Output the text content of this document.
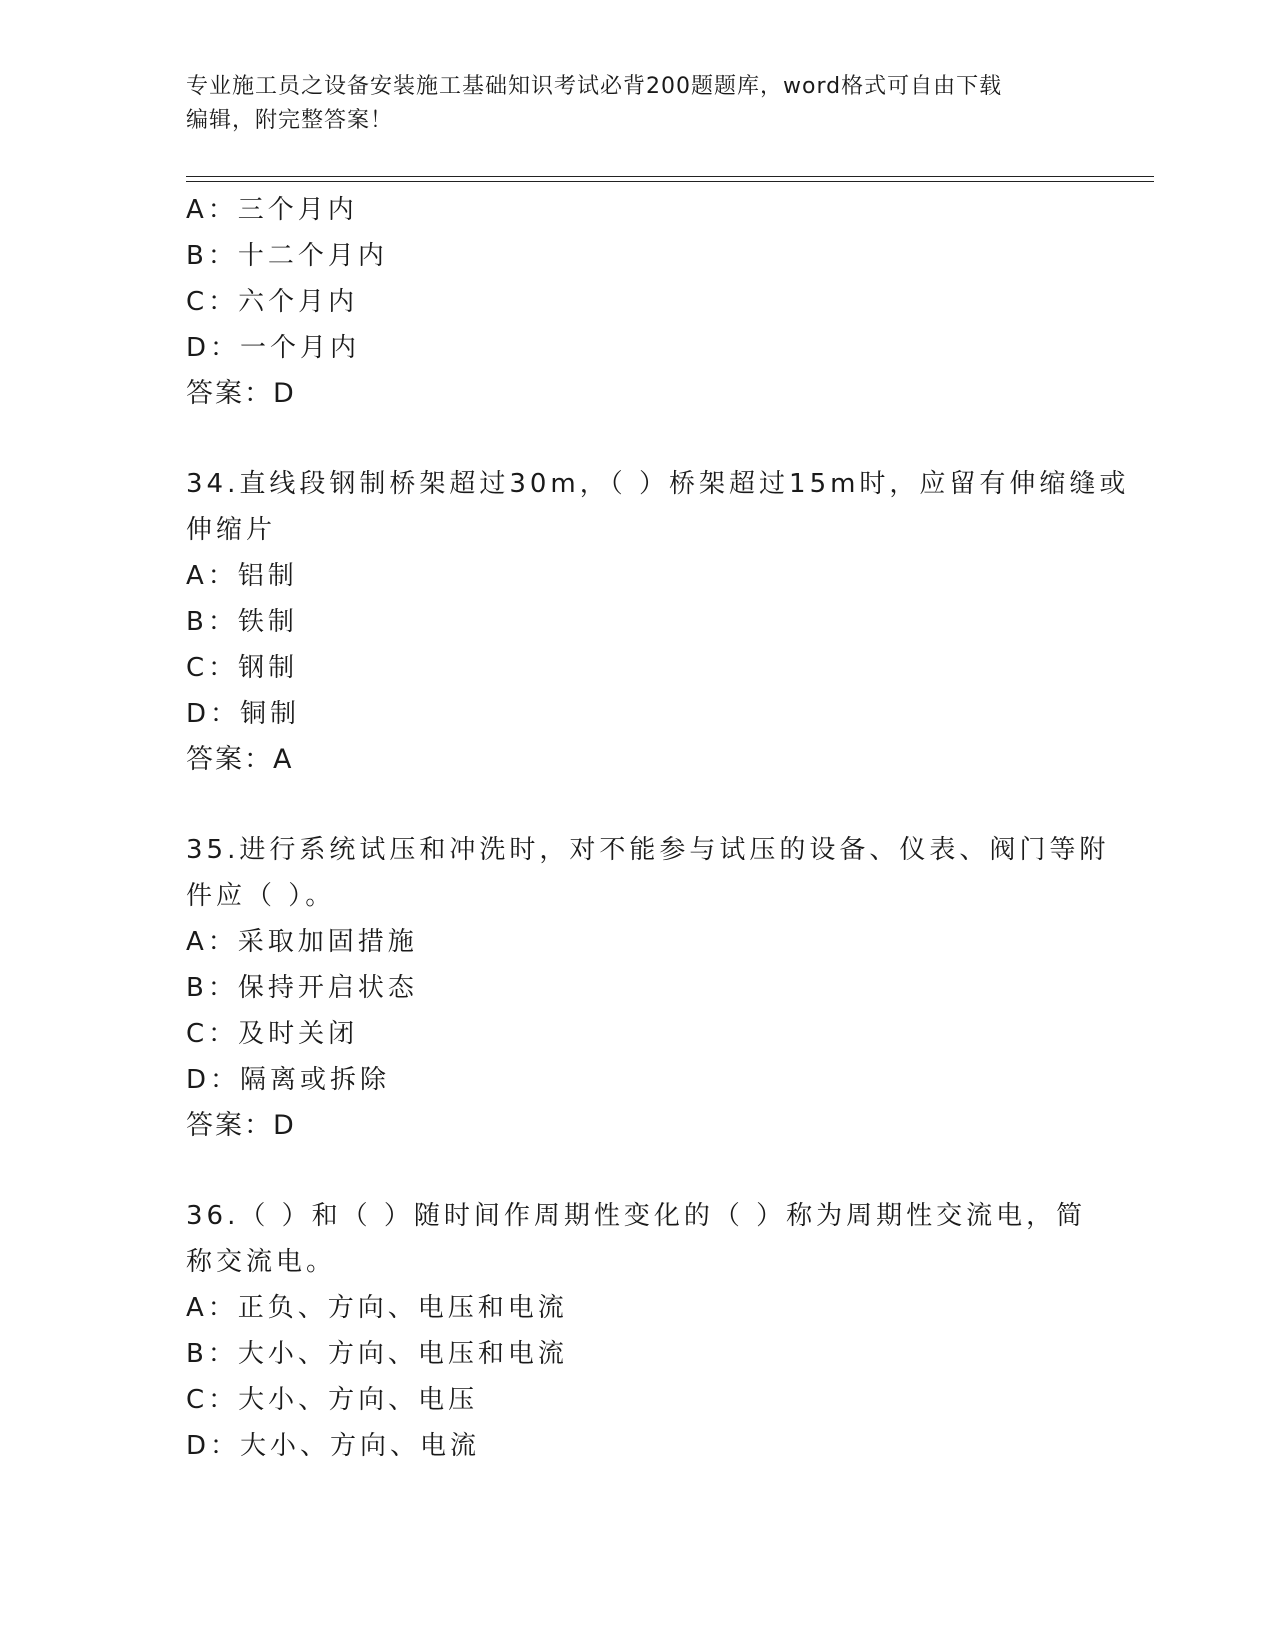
专业施工员之设备安装施工基础知识考试必背200题题库，word格式可自由下载
编辑，附完整答案！
A：三个月内
B：十二个月内
C：六个月内
D：一个月内
答案：D
34.直线段钢制桥架超过30m，（ ）桥架超过15m时，应留有伸缩缝或
伸缩片
A：铝制
B：铁制
C：钢制
D：铜制
答案：A
35.进行系统试压和冲洗时，对不能参与试压的设备、仪表、阀门等附
件应（ ）。
A：采取加固措施
B：保持开启状态
C：及时关闭
D：隔离或拆除
答案：D
36.（ ）和（ ）随时间作周期性变化的（ ）称为周期性交流电，简
称交流电。
A：正负、方向、电压和电流
B：大小、方向、电压和电流
C：大小、方向、电压
D：大小、方向、电流
